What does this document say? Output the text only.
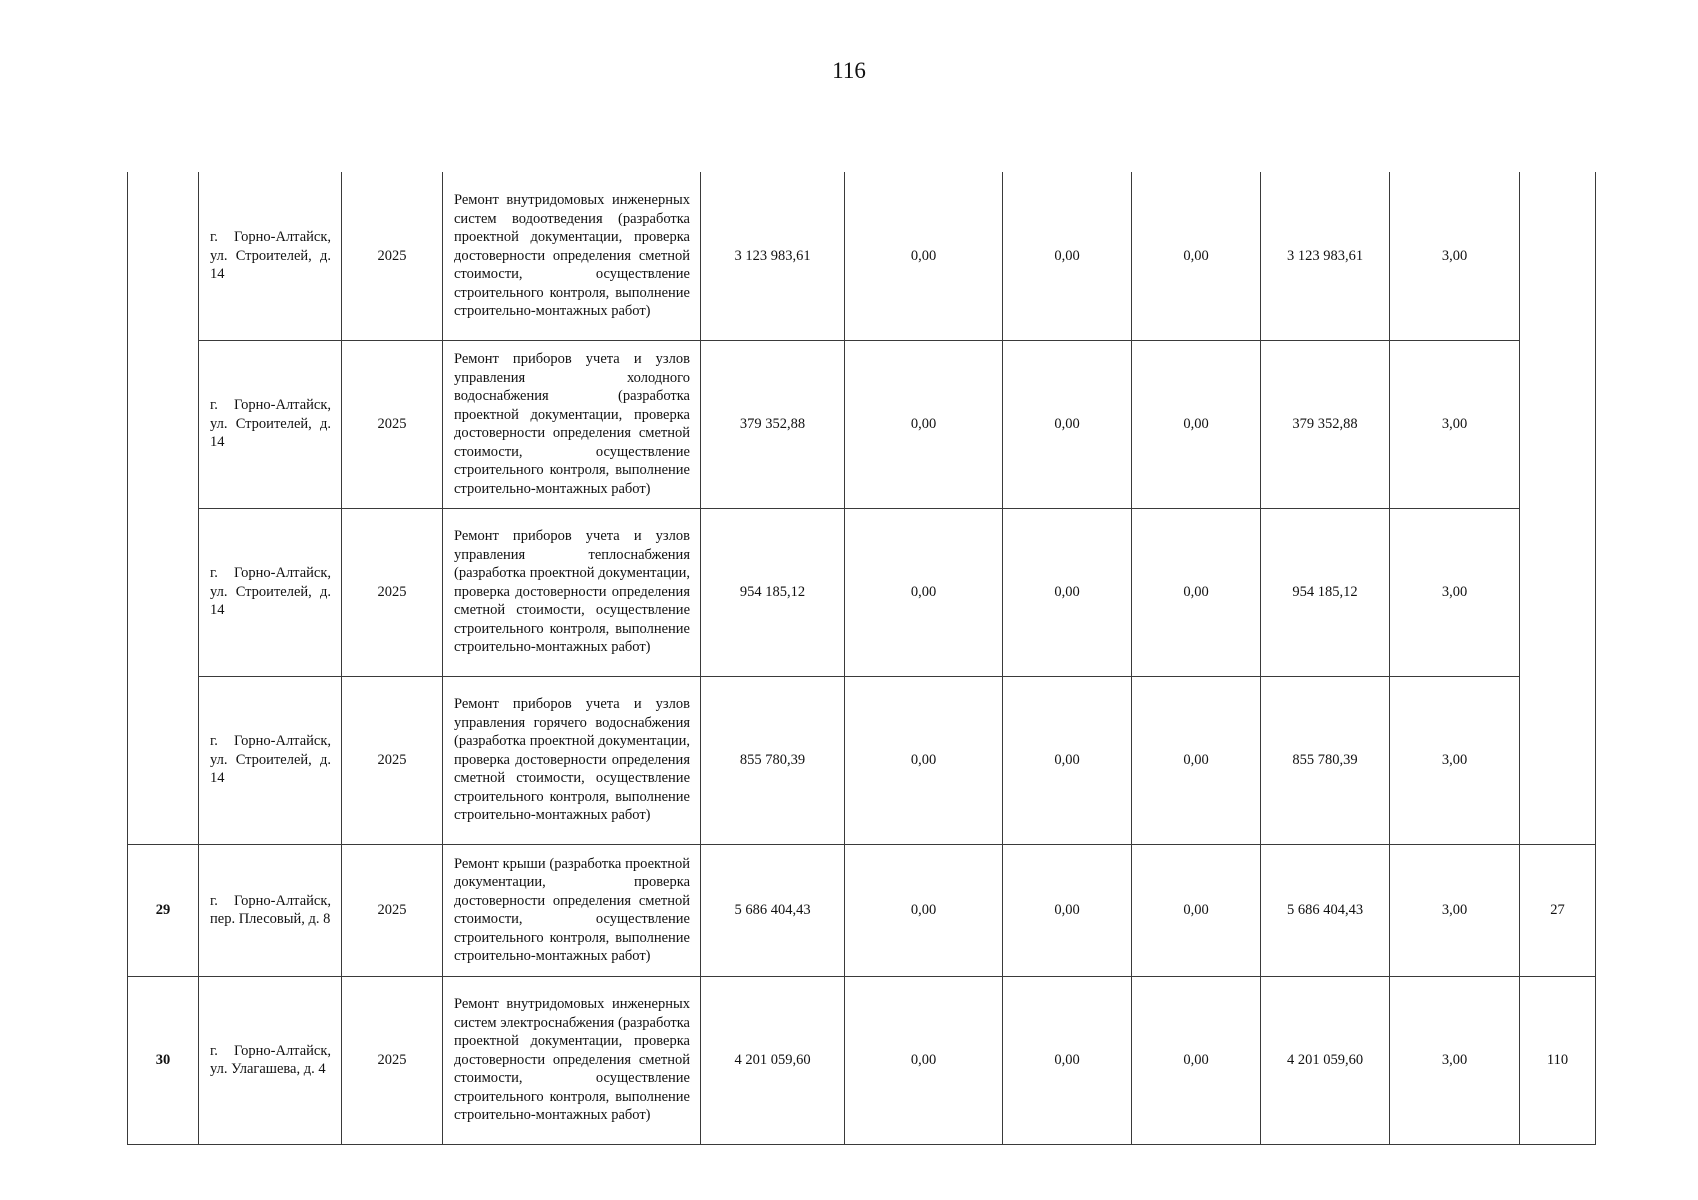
116
	г. Горно-Алтайск, ул. Строителей, д. 14	2025	Ремонт внутридомовых инженерных систем водоотведения (разработка проектной документации, проверка достоверности определения сметной стоимости, осуществление строительного контроля, выполнение строительно-монтажных работ)	3 123 983,61	0,00	0,00	0,00	3 123 983,61	3,00	
	г. Горно-Алтайск, ул. Строителей, д. 14	2025	Ремонт приборов учета и узлов управления холодного водоснабжения (разработка проектной документации, проверка достоверности определения сметной стоимости, осуществление строительного контроля, выполнение строительно-монтажных работ)	379 352,88	0,00	0,00	0,00	379 352,88	3,00	
	г. Горно-Алтайск, ул. Строителей, д. 14	2025	Ремонт приборов учета и узлов управления теплоснабжения (разработка проектной документации, проверка достоверности определения сметной стоимости, осуществление строительного контроля, выполнение строительно-монтажных работ)	954 185,12	0,00	0,00	0,00	954 185,12	3,00	
	г. Горно-Алтайск, ул. Строителей, д. 14	2025	Ремонт приборов учета и узлов управления горячего водоснабжения (разработка проектной документации, проверка достоверности определения сметной стоимости, осуществление строительного контроля, выполнение строительно-монтажных работ)	855 780,39	0,00	0,00	0,00	855 780,39	3,00	
29	г. Горно-Алтайск, пер. Плесовый, д. 8	2025	Ремонт крыши (разработка проектной документации, проверка достоверности определения сметной стоимости, осуществление строительного контроля, выполнение строительно-монтажных работ)	5 686 404,43	0,00	0,00	0,00	5 686 404,43	3,00	27
30	г. Горно-Алтайск, ул. Улагашева, д. 4	2025	Ремонт внутридомовых инженерных систем электроснабжения (разработка проектной документации, проверка достоверности определения сметной стоимости, осуществление строительного контроля, выполнение строительно-монтажных работ)	4 201 059,60	0,00	0,00	0,00	4 201 059,60	3,00	110
